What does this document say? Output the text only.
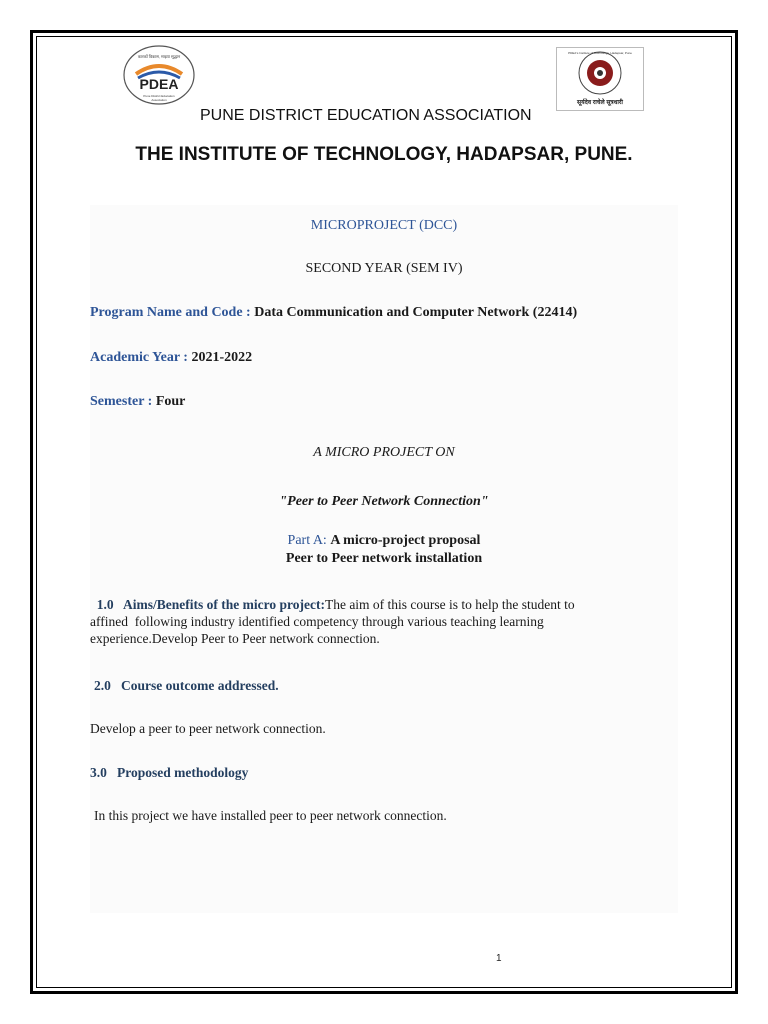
कारकों विकास, माझ्या सूद्धान
PDEA
Pune District Education Association
PDEA's Institute of Technology, Hadapsar, Pune
सूर्यदेव राचेले सूत्रधारी
PUNE DISTRICT EDUCATION ASSOCIATION
THE INSTITUTE OF TECHNOLOGY, HADAPSAR, PUNE.
MICROPROJECT (DCC)
SECOND YEAR (SEM IV)
Program Name and Code : Data Communication and Computer Network (22414)
Academic Year : 2021-2022
Semester : Four
A MICRO PROJECT ON
"Peer to Peer Network Connection"
Part A: A micro-project proposal
Peer to Peer network installation
1.0   Aims/Benefits of the micro project:The aim of this course is to help the student to
affined  following industry identified competency through various teaching learning
experience.Develop Peer to Peer network connection.
2.0   Course outcome addressed.
Develop a peer to peer network connection.
3.0   Proposed methodology
In this project we have installed peer to peer network connection.
1
